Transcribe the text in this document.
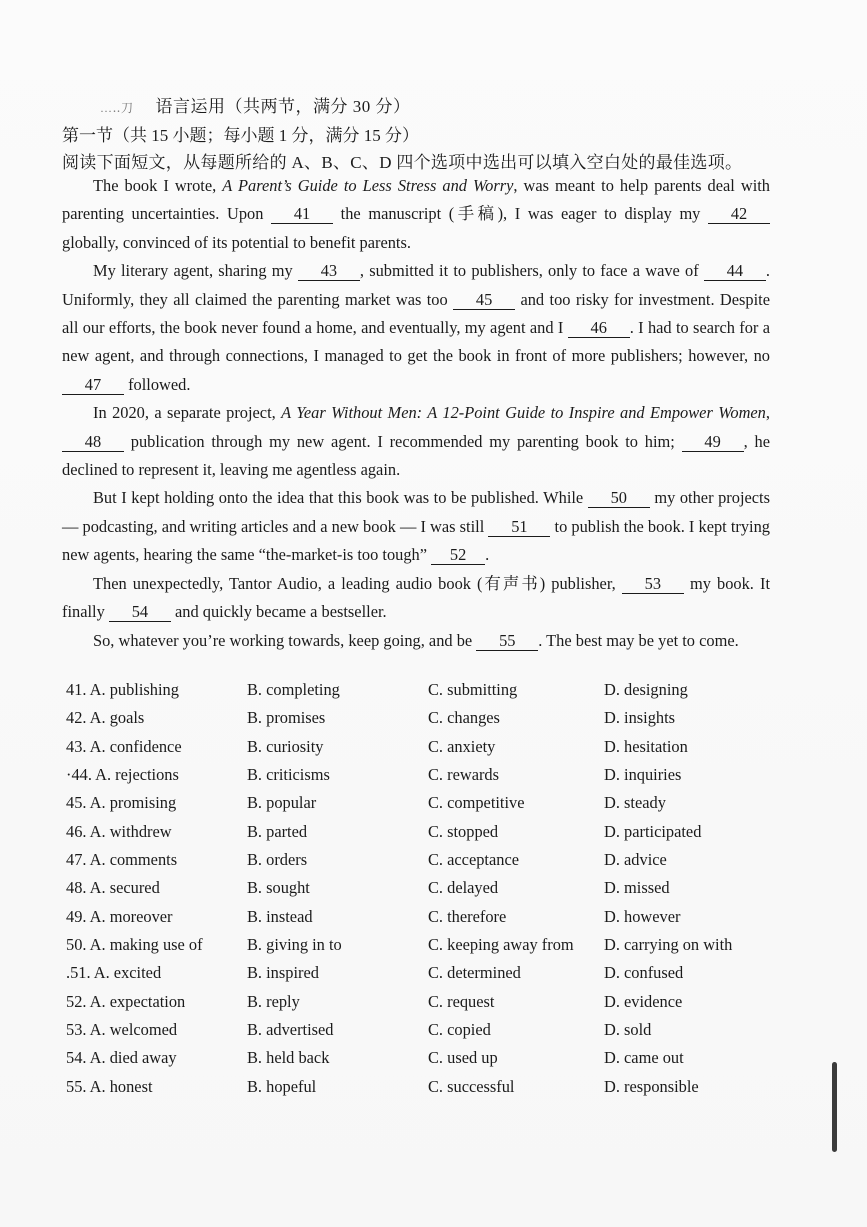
…‥刀 语言运用（共两节，满分 30 分）
第一节（共 15 小题；每小题 1 分，满分 15 分）
阅读下面短文，从每题所给的 A、B、C、D 四个选项中选出可以填入空白处的最佳选项。

The book I wrote, A Parent’s Guide to Less Stress and Worry, was meant to help parents deal with parenting uncertainties. Upon 41 the manuscript (手稿), I was eager to display my 42 globally, convinced of its potential to benefit parents.

My literary agent, sharing my 43 , submitted it to publishers, only to face a wave of 44 . Uniformly, they all claimed the parenting market was too 45 and too risky for investment. Despite all our efforts, the book never found a home, and eventually, my agent and I 46 . I had to search for a new agent, and through connections, I managed to get the book in front of more publishers; however, no 47 followed.

In 2020, a separate project, A Year Without Men: A 12-Point Guide to Inspire and Empower Women, 48 publication through my new agent. I recommended my parenting book to him; 49 , he declined to represent it, leaving me agentless again.

But I kept holding onto the idea that this book was to be published. While 50 my other projects — podcasting, and writing articles and a new book — I was still 51 to publish the book. I kept trying new agents, hearing the same “the-market-is too tough” 52 .

Then unexpectedly, Tantor Audio, a leading audio book (有声书) publisher, 53 my book. It finally 54 and quickly became a bestseller.

So, whatever you’re working towards, keep going, and be 55 . The best may be yet to come.

41. A. publishing	B. completing	C. submitting	D. designing
42. A. goals	B. promises	C. changes	D. insights
43. A. confidence	B. curiosity	C. anxiety	D. hesitation
·44. A. rejections	B. criticisms	C. rewards	D. inquiries
45. A. promising	B. popular	C. competitive	D. steady
46. A. withdrew	B. parted	C. stopped	D. participated
47. A. comments	B. orders	C. acceptance	D. advice
48. A. secured	B. sought	C. delayed	D. missed
49. A. moreover	B. instead	C. therefore	D. however
50. A. making use of	B. giving in to	C. keeping away from D. carrying on with
.51. A. excited	B. inspired	C. determined	D. confused
52. A. expectation	B. reply	C. request	D. evidence
53. A. welcomed	B. advertised	C. copied	D. sold
54. A. died away	B. held back	C. used up	D. came out
55. A. honest	B. hopeful	C. successful	D. responsible
